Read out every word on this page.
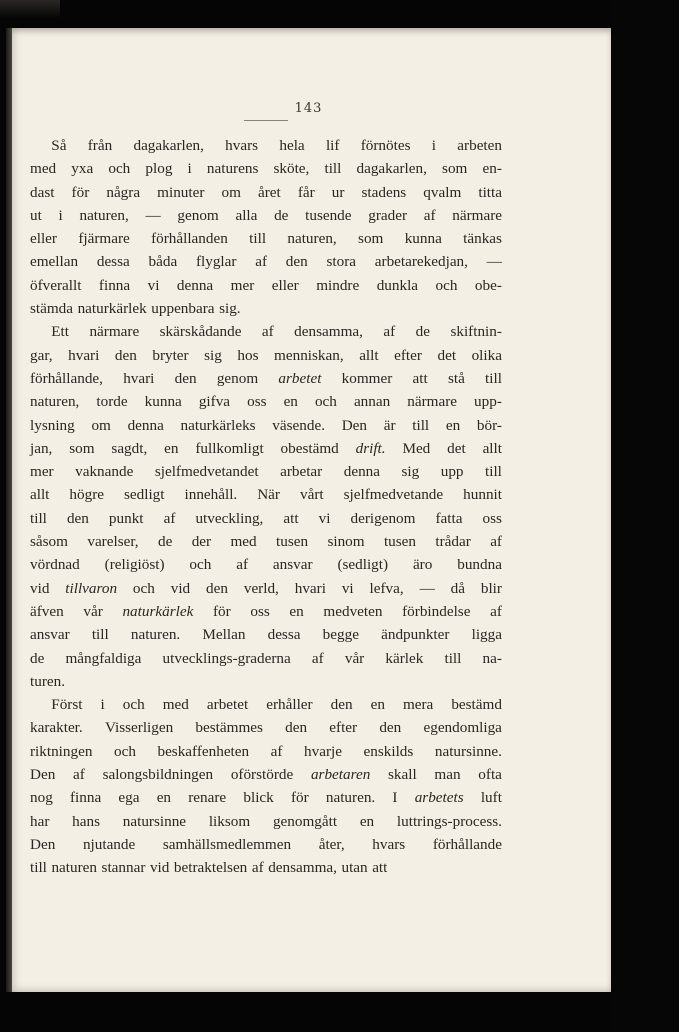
143
Så från dagakarlen, hvars hela lif förnötes i arbeten
med yxa och plog i naturens sköte, till dagakarlen, som en-
dast för några minuter om året får ur stadens qvalm titta
ut i naturen, — genom alla de tusende grader af närmare
eller fjärmare förhållanden till naturen, som kunna tänkas
emellan dessa båda flyglar af den stora arbetarekedjan, —
öfverallt finna vi denna mer eller mindre dunkla och obe-
stämda naturkärlek uppenbara sig.
Ett närmare skärskådande af densamma, af de skiftnin-
gar, hvari den bryter sig hos menniskan, allt efter det olika
förhållande, hvari den genom arbetet kommer att stå till
naturen, torde kunna gifva oss en och annan närmare upp-
lysning om denna naturkärleks väsende. Den är till en bör-
jan, som sagdt, en fullkomligt obestämd drift. Med det allt
mer vaknande sjelfmedvetandet arbetar denna sig upp till
allt högre sedligt innehåll. När vårt sjelfmedvetande hunnit
till den punkt af utveckling, att vi derigenom fatta oss
såsom varelser, de der med tusen sinom tusen trådar af
vördnad (religiöst) och af ansvar (sedligt) äro bundna
vid tillvaron och vid den verld, hvari vi lefva, — då blir
äfven vår naturkärlek för oss en medveten förbindelse af
ansvar till naturen. Mellan dessa begge ändpunkter ligga
de mångfaldiga utvecklings-graderna af vår kärlek till na-
turen.
Först i och med arbetet erhåller den en mera bestämd
karakter. Visserligen bestämmes den efter den egendomliga
riktningen och beskaffenheten af hvarje enskilds natursinne.
Den af salongsbildningen oförstörde arbetaren skall man ofta
nog finna ega en renare blick för naturen. I arbetets luft
har hans natursinne liksom genomgått en luttrings-process.
Den njutande samhällsmedlemmen åter, hvars förhållande
till naturen stannar vid betraktelsen af densamma, utan att
